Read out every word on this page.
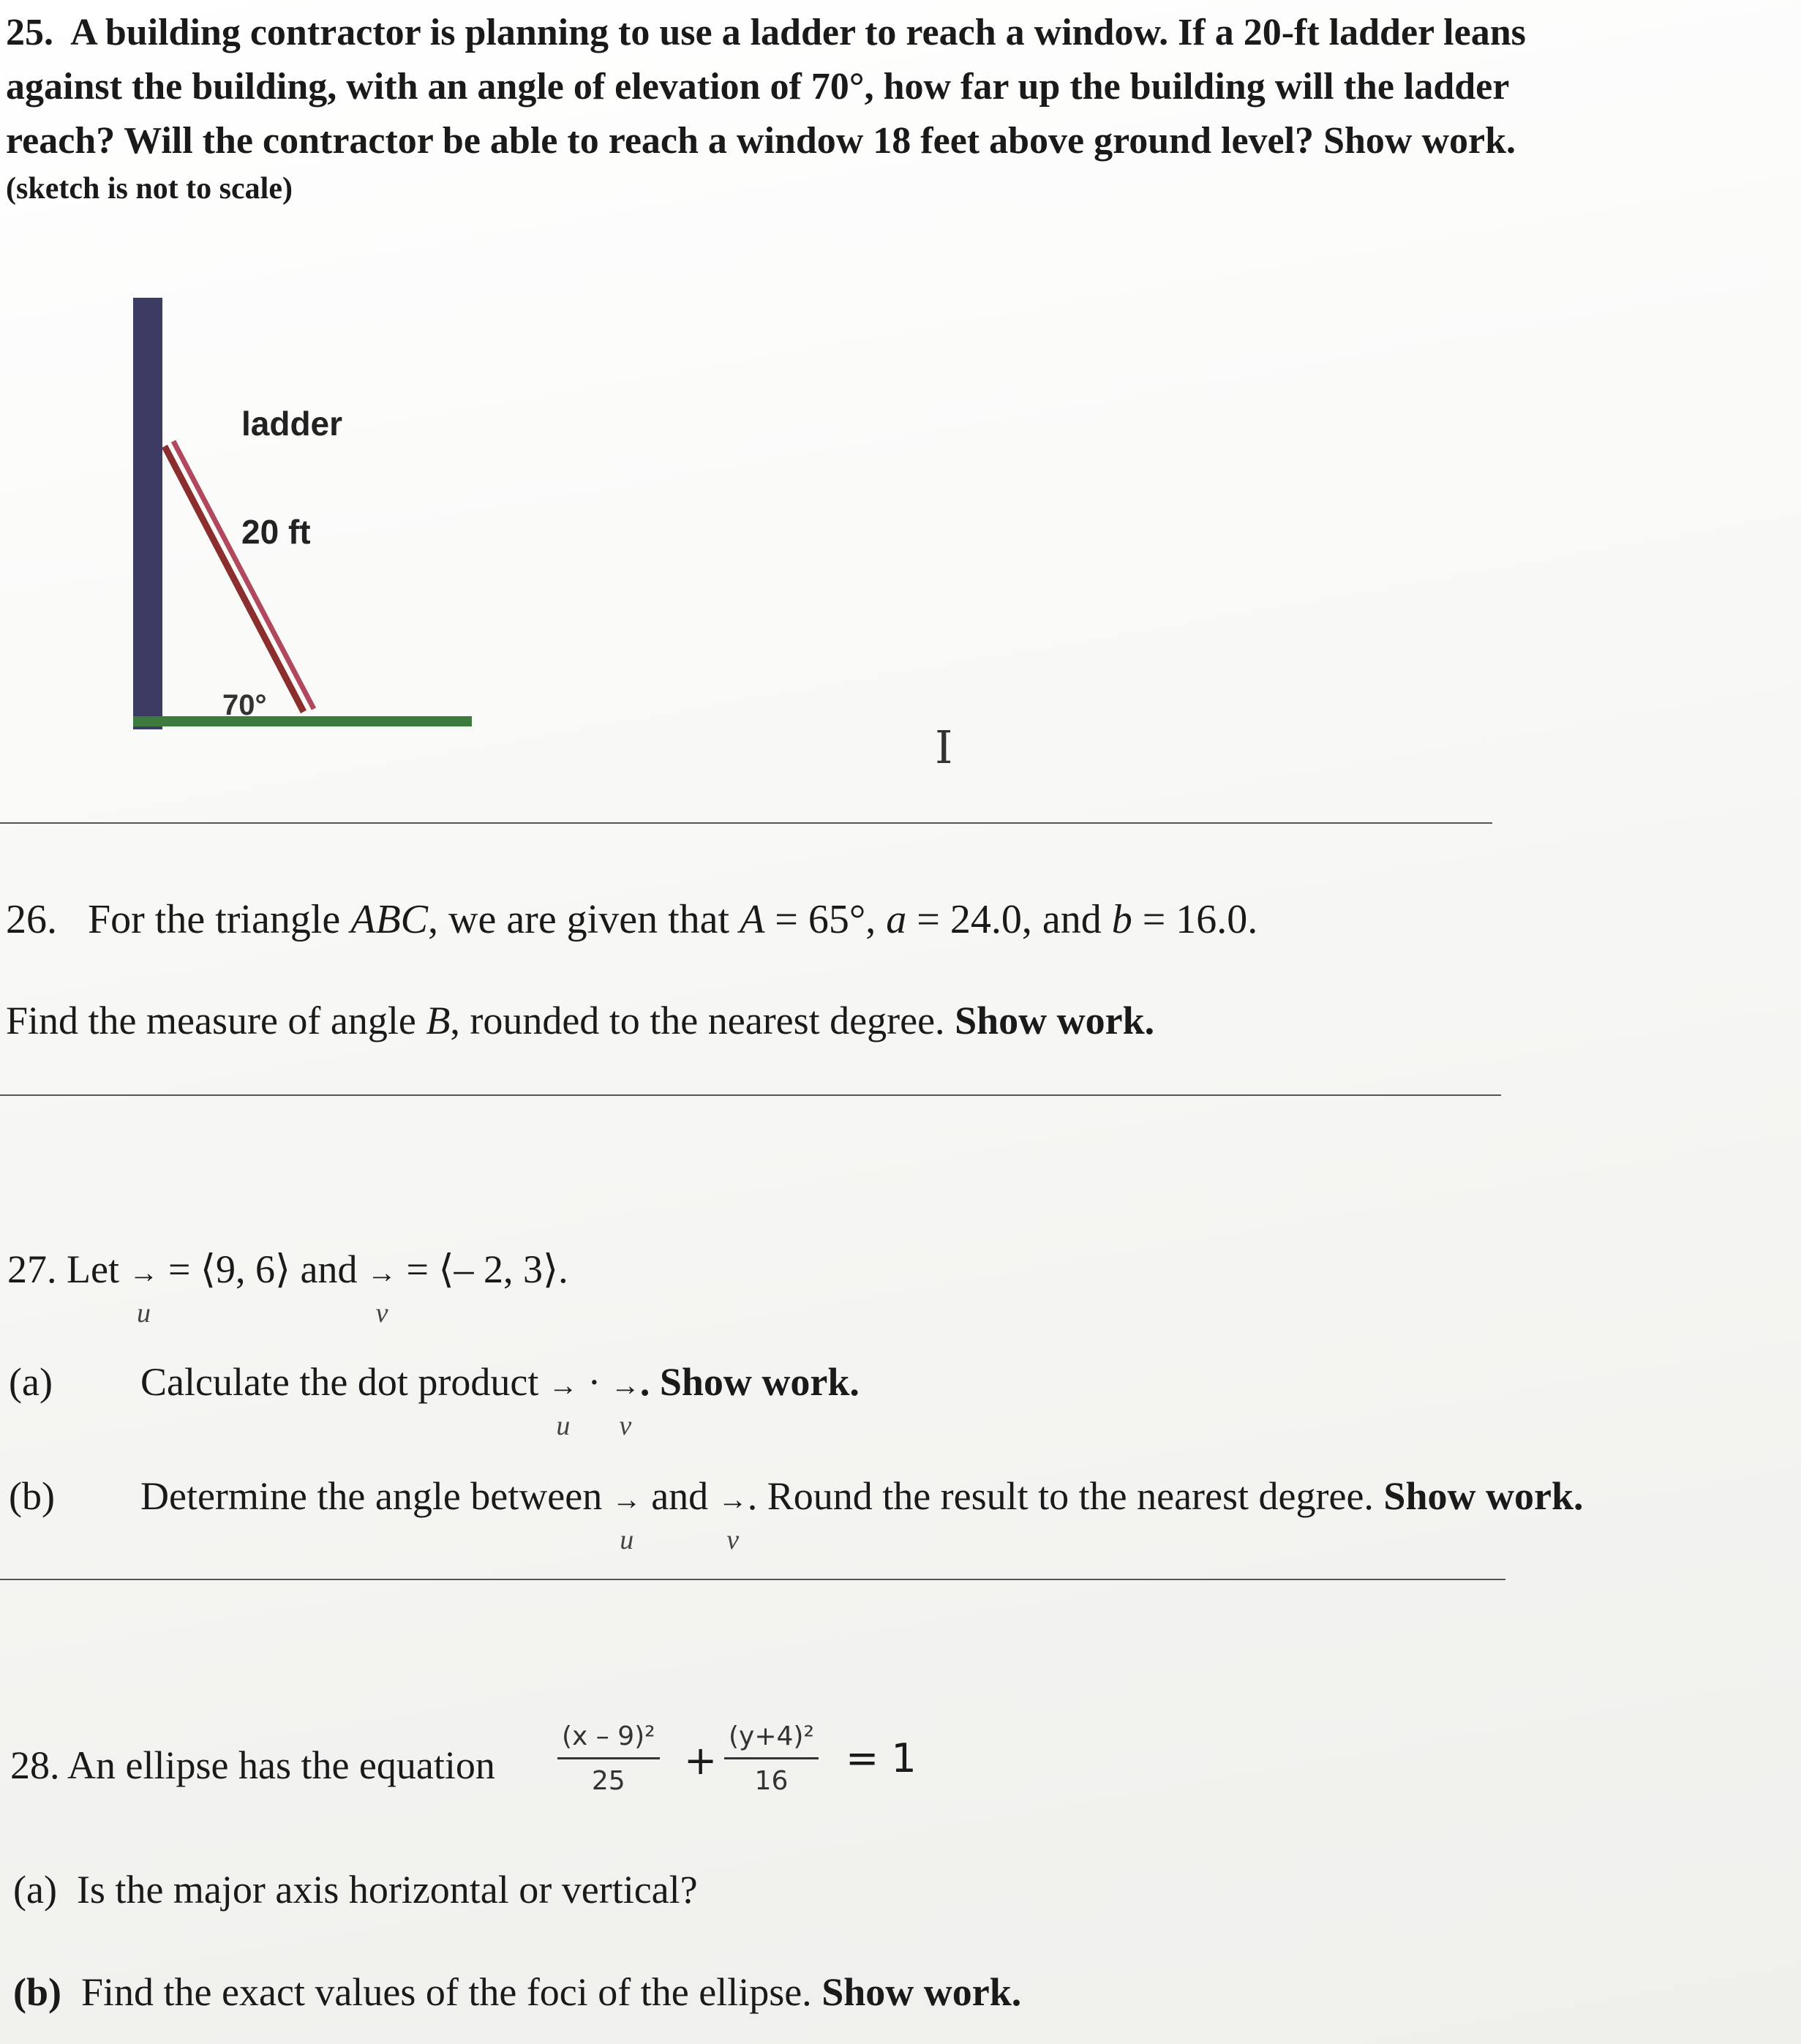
25. A building contractor is planning to use a ladder to reach a window. If a 20-ft ladder leans
against the building, with an angle of elevation of 70°, how far up the building will the ladder
reach? Will the contractor be able to reach a window 18 feet above ground level? Show work.
(sketch is not to scale)
ladder
20 ft
70°
I
26. For the triangle ABC, we are given that A = 65°, a = 24.0, and b = 16.0.
Find the measure of angle B, rounded to the nearest degree. Show work.
27. Let →
u
= ⟨9, 6⟩ and →
v
= ⟨– 2, 3⟩.
(a) Calculate the dot product →
u
· →
v
. Show work.
(b) Determine the angle between →
u
and →
v
. Round the result to the nearest degree. Show work.
28. An ellipse has the equation $\frac{\text{(x – 9)²}}{25} + \frac{\text{(y+4)²}}{16} = 1$
(a) Is the major axis horizontal or vertical?
(b) Find the exact values of the foci of the ellipse. Show work.
